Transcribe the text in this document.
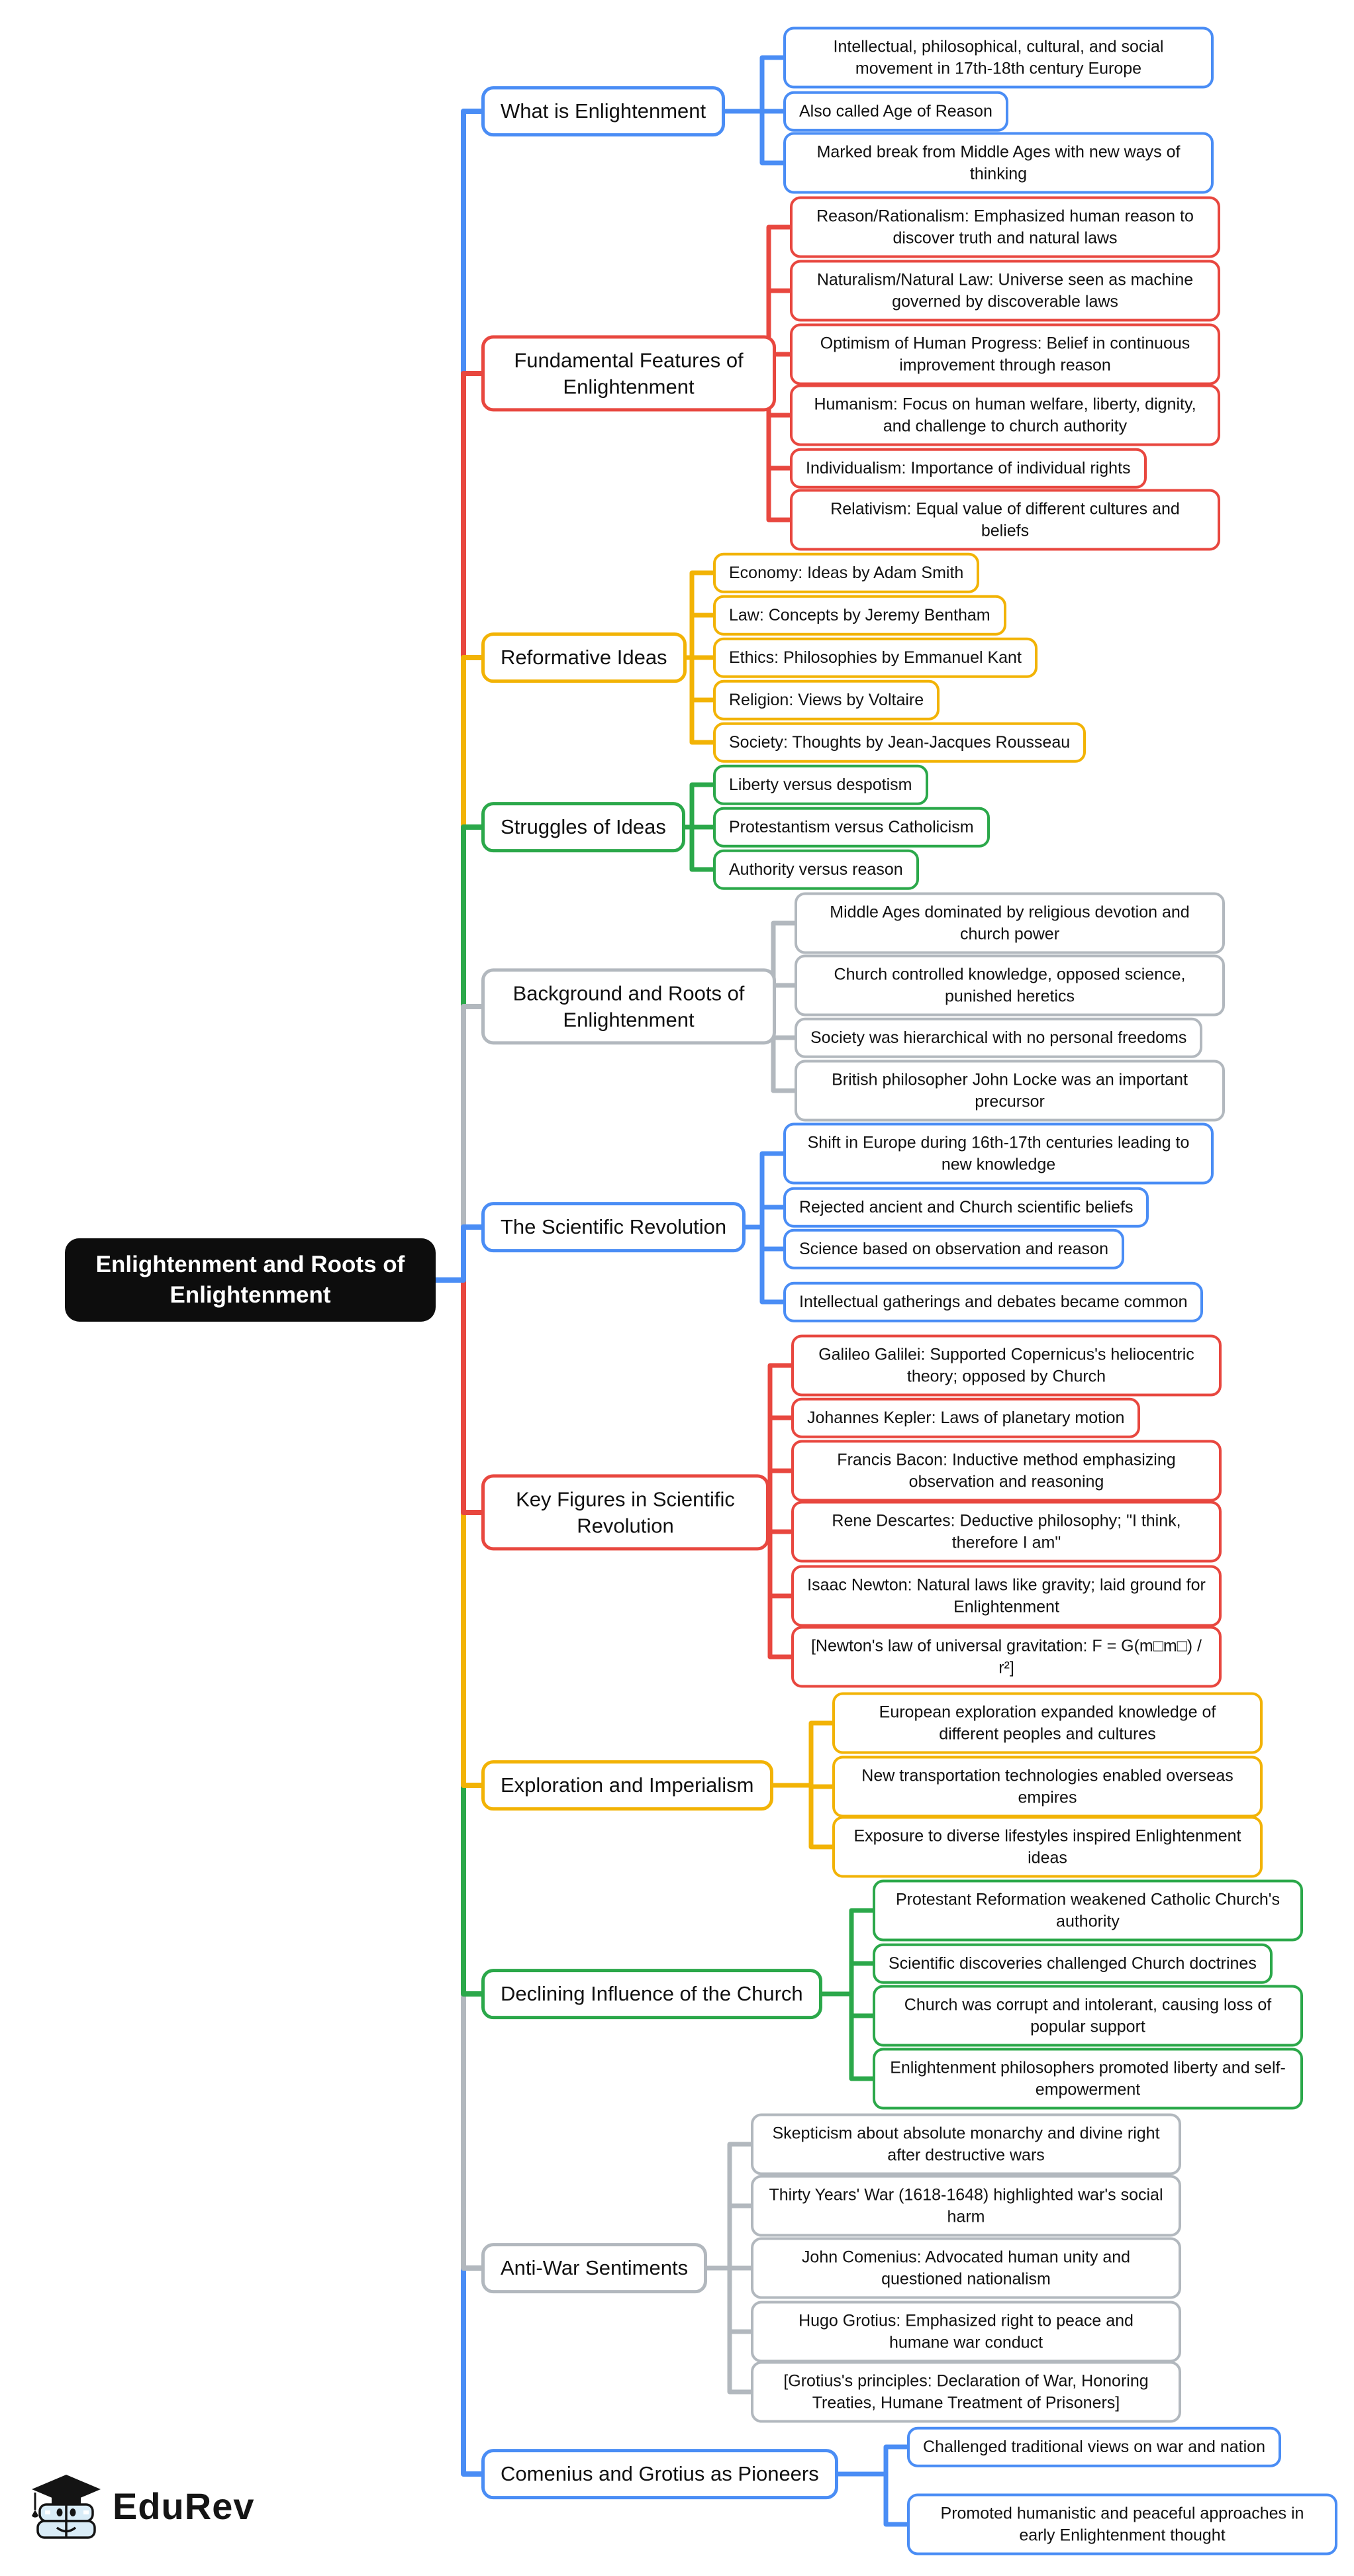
Enlightenment and Roots of Enlightenment
EduRev
What is Enlightenment
Intellectual, philosophical, cultural, and social movement in 17th-18th century Europe
Also called Age of Reason
Marked break from Middle Ages with new ways of thinking
Fundamental Features of Enlightenment
Reason/Rationalism: Emphasized human reason to discover truth and natural laws
Naturalism/Natural Law: Universe seen as machine governed by discoverable laws
Optimism of Human Progress: Belief in continuous improvement through reason
Humanism: Focus on human welfare, liberty, dignity, and challenge to church authority
Individualism: Importance of individual rights
Relativism: Equal value of different cultures and beliefs
Reformative Ideas
Economy: Ideas by Adam Smith
Law: Concepts by Jeremy Bentham
Ethics: Philosophies by Emmanuel Kant
Religion: Views by Voltaire
Society: Thoughts by Jean-Jacques Rousseau
Struggles of Ideas
Liberty versus despotism
Protestantism versus Catholicism
Authority versus reason
Background and Roots of Enlightenment
Middle Ages dominated by religious devotion and church power
Church controlled knowledge, opposed science, punished heretics
Society was hierarchical with no personal freedoms
British philosopher John Locke was an important precursor
The Scientific Revolution
Shift in Europe during 16th-17th centuries leading to new knowledge
Rejected ancient and Church scientific beliefs
Science based on observation and reason
Intellectual gatherings and debates became common
Key Figures in Scientific Revolution
Galileo Galilei: Supported Copernicus's heliocentric theory; opposed by Church
Johannes Kepler: Laws of planetary motion
Francis Bacon: Inductive method emphasizing observation and reasoning
Rene Descartes: Deductive philosophy; "I think, therefore I am"
Isaac Newton: Natural laws like gravity; laid ground for Enlightenment
[Newton's law of universal gravitation: F = G(m□m□) / r²]
Exploration and Imperialism
European exploration expanded knowledge of different peoples and cultures
New transportation technologies enabled overseas empires
Exposure to diverse lifestyles inspired Enlightenment ideas
Declining Influence of the Church
Protestant Reformation weakened Catholic Church's authority
Scientific discoveries challenged Church doctrines
Church was corrupt and intolerant, causing loss of popular support
Enlightenment philosophers promoted liberty and self-empowerment
Anti-War Sentiments
Skepticism about absolute monarchy and divine right after destructive wars
Thirty Years' War (1618-1648) highlighted war's social harm
John Comenius: Advocated human unity and questioned nationalism
Hugo Grotius: Emphasized right to peace and humane war conduct
[Grotius's principles: Declaration of War, Honoring Treaties, Humane Treatment of Prisoners]
Comenius and Grotius as Pioneers
Challenged traditional views on war and nation
Promoted humanistic and peaceful approaches in early Enlightenment thought
